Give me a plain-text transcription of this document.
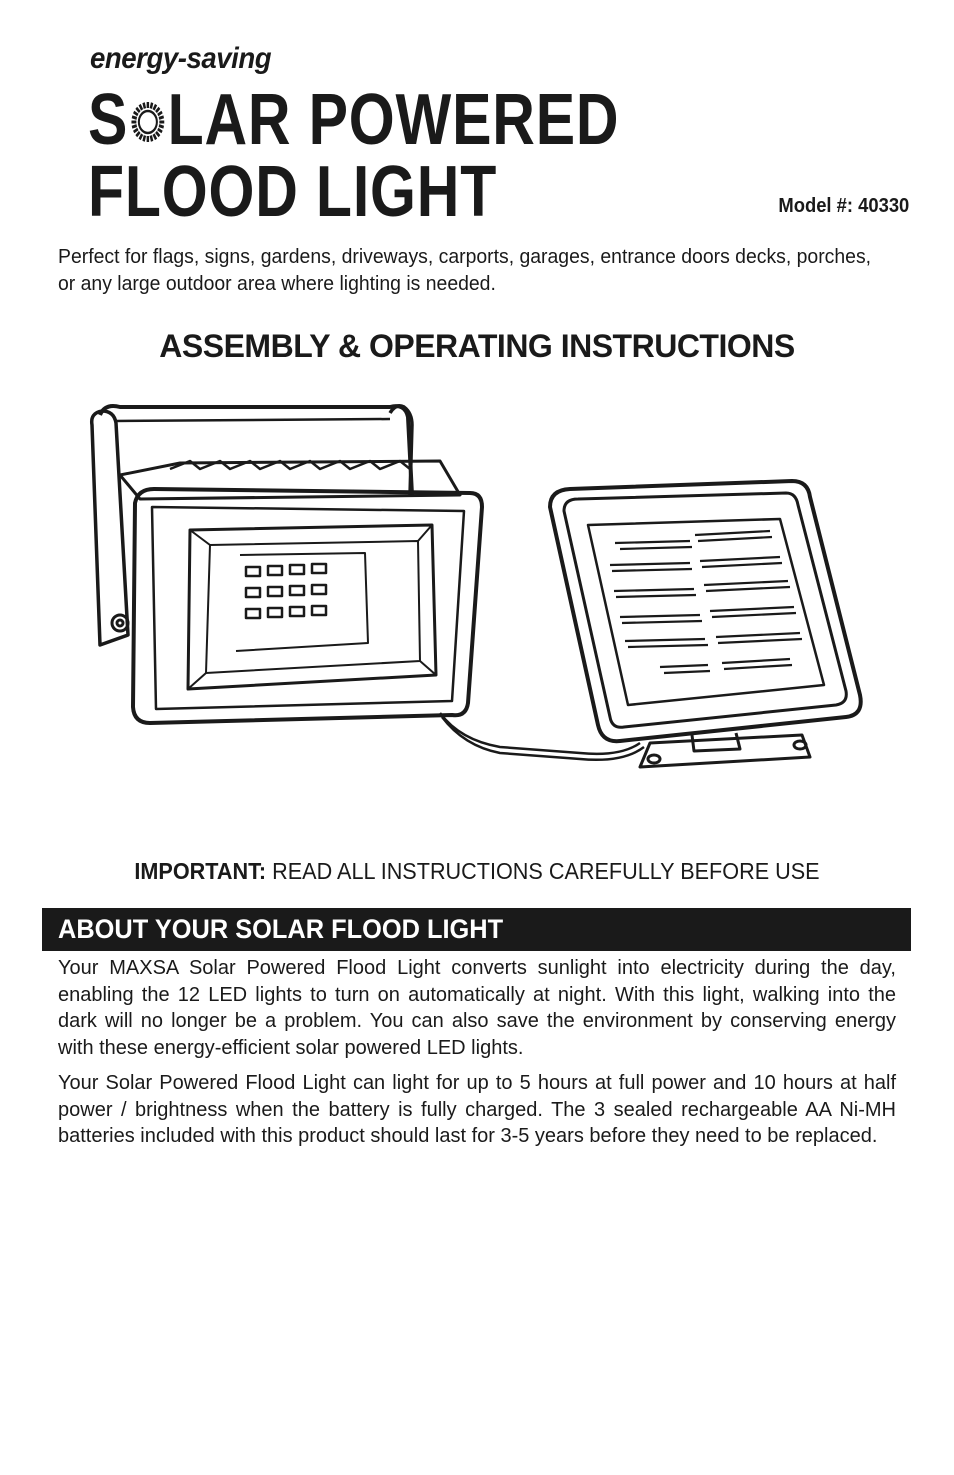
energy-saving
S LAR POWERED
FLOOD LIGHT	Model #: 40330
Perfect for flags, signs, gardens, driveways, carports, garages, entrance doors decks, porches, or any large outdoor area where lighting is needed.
ASSEMBLY & OPERATING INSTRUCTIONS
IMPORTANT: READ ALL INSTRUCTIONS CAREFULLY BEFORE USE
ABOUT YOUR SOLAR FLOOD LIGHT
Your MAXSA Solar Powered Flood Light converts sunlight into electricity during the day, enabling the 12 LED lights to turn on automatically at night. With this light, walking into the dark will no longer be a problem. You can also save the environment by conserving energy with these energy-efficient solar powered LED lights.
Your Solar Powered Flood Light can light for up to 5 hours at full power and 10 hours at half power / brightness when the battery is fully charged. The 3 sealed rechargeable AA Ni-MH batteries included with this product should last for 3-5 years before they need to be replaced.
